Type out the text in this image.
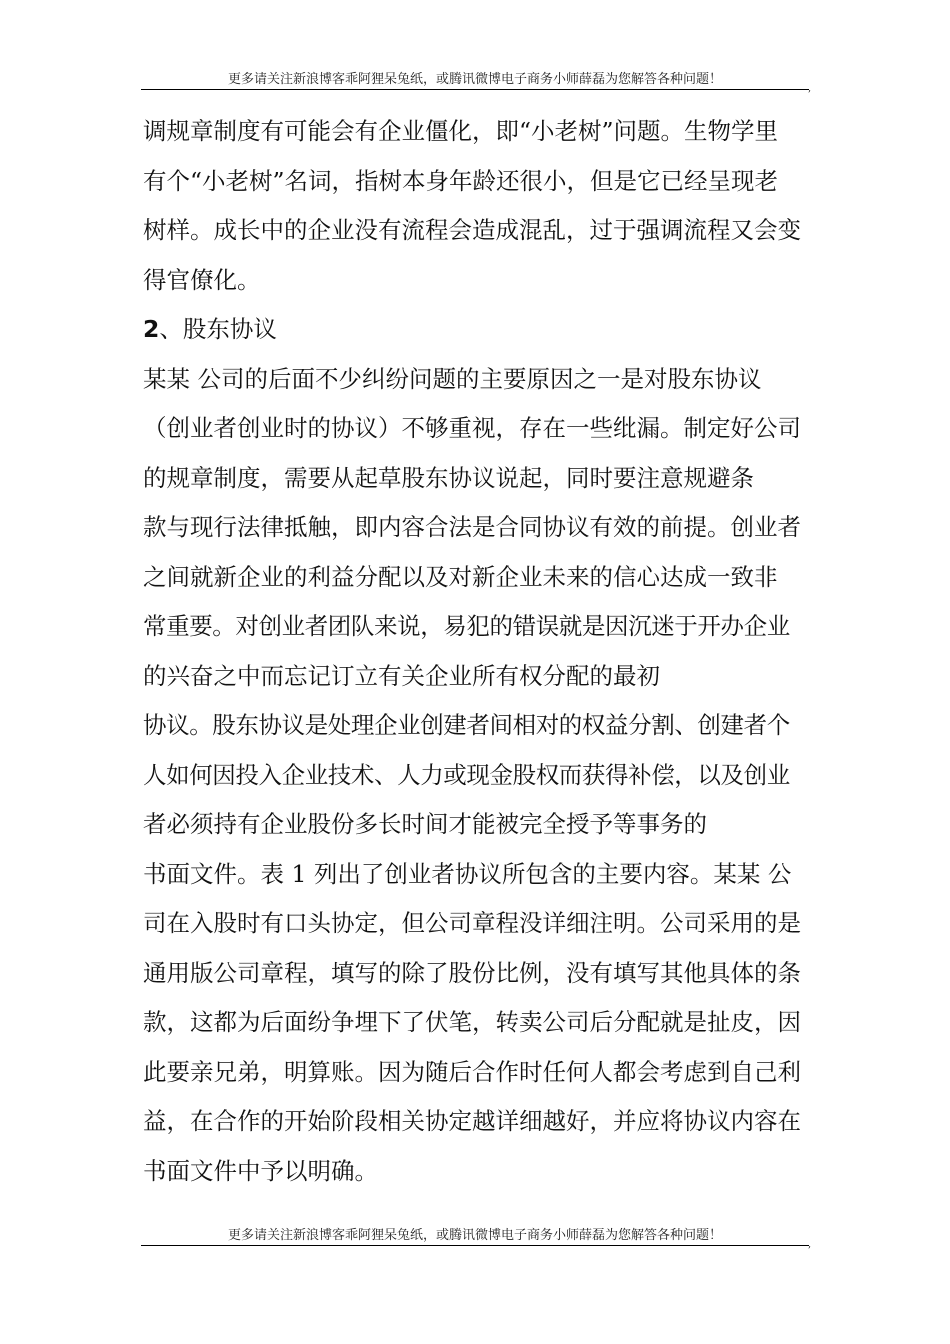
更多请关注新浪博客乖阿狸呆兔纸，或腾讯微博电子商务小师薛磊为您解答各种问题！
,
调规章制度有可能会有企业僵化，即“小老树”问题。生物学里
有个“小老树”名词，指树本身年龄还很小，但是它已经呈现老
树样。成长中的企业没有流程会造成混乱，过于强调流程又会变
得官僚化。
2、股东协议
某某 公司的后面不少纠纷问题的主要原因之一是对股东协议
（创业者创业时的协议）不够重视，存在一些纰漏。制定好公司
的规章制度，需要从起草股东协议说起，同时要注意规避条
款与现行法律抵触，即内容合法是合同协议有效的前提。创业者
之间就新企业的利益分配以及对新企业未来的信心达成一致非
常重要。对创业者团队来说，易犯的错误就是因沉迷于开办企业
的兴奋之中而忘记订立有关企业所有权分配的最初
协议。股东协议是处理企业创建者间相对的权益分割、创建者个
人如何因投入企业技术、人力或现金股权而获得补偿，以及创业
者必须持有企业股份多长时间才能被完全授予等事务的
书面文件。表 1 列出了创业者协议所包含的主要内容。某某 公
司在入股时有口头协定，但公司章程没详细注明。公司采用的是
通用版公司章程，填写的除了股份比例，没有填写其他具体的条
款，这都为后面纷争埋下了伏笔，转卖公司后分配就是扯皮，因
此要亲兄弟，明算账。因为随后合作时任何人都会考虑到自己利
益，在合作的开始阶段相关协定越详细越好，并应将协议内容在
书面文件中予以明确。
更多请关注新浪博客乖阿狸呆兔纸，或腾讯微博电子商务小师薛磊为您解答各种问题！
,
